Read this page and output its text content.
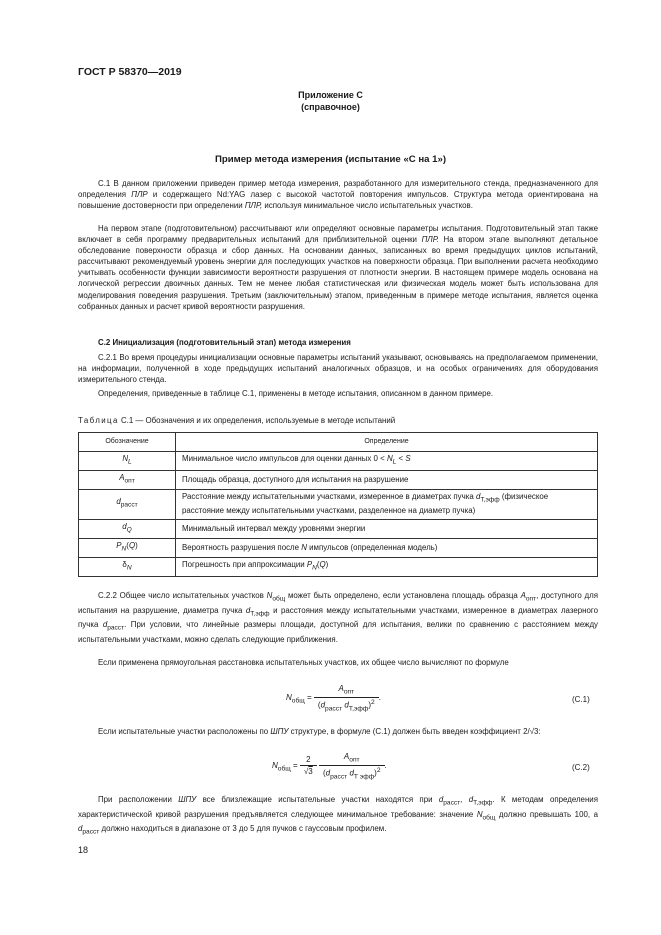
ГОСТ Р 58370—2019
Приложение С
(справочное)
Пример метода измерения (испытание «С на 1»)

С.1 В данном приложении приведен пример метода измерения, разработанного для измерительного стенда, предназначенного для определения ПЛР и содержащего Nd:YAG лазер с высокой частотой повторения импульсов. Структура метода ориентирована на повышение достоверности при определении ПЛР, используя минимальное число испытательных участков.

На первом этапе (подготовительном) рассчитывают или определяют основные параметры испытания. Подготовительный этап также включает в себя программу предварительных испытаний для приблизительной оценки ПЛР. На втором этапе выполняют детальное обследование поверхности образца и сбор данных. На основании данных, записанных во время предыдущих циклов испытаний, рассчитывают рекомендуемый уровень энергии для последующих участков на поверхности образца. При выполнении расчета необходимо учитывать особенности функции зависимости вероятности разрушения от плотности энергии. В настоящем примере модель основана на логической регрессии двоичных данных. Тем не менее любая статистическая или физическая модель может быть использована для моделирования поведения разрушения. Третьим (заключительным) этапом, приведенным в примере методе испытания, является оценка собранных данных и расчет кривой вероятности разрушения.

С.2 Инициализация (подготовительный этап) метода измерения

С.2.1 Во время процедуры инициализации основные параметры испытаний указывают, основываясь на предполагаемом применении, на информации, полученной в ходе предыдущих испытаний аналогичных образцов, и на особых ограничениях для оборудования измерительного стенда.

Определения, приведенные в таблице С.1, применены в методе испытания, описанном в данном примере.

Таблица С.1 — Обозначения и их определения, используемые в методе испытаний
Обозначение	Определение
$N_L$	Минимальное число импульсов для оценки данных $0 < N_L < S$
$A_{опт}$	Площадь образца, доступного для испытания на разрушение
$d_{расст}$	Расстояние между испытательными участками, измеренное в диаметрах пучка $d_{Т,эфф}$ (физическое расстояние между испытательными участками, разделенное на диаметр пучка)
$d_Q$	Минимальный интервал между уровнями энергии
$P_N(Q)$	Вероятность разрушения после N импульсов (определенная модель)
$\delta_N$	Погрешность при аппроксимации $P_N(Q)$

С.2.2 Общее число испытательных участков $N_{общ}$ может быть определено, если установлена площадь образца $A_{опт}$, доступного для испытания на разрушение, диаметра пучка $d_{Т,эфф}$ и расстояния между испытательными участками, измеренное в диаметрах лазерного пучка $d_{расст}$. При условии, что линейные размеры площади, доступной для испытания, велики по сравнению с расстоянием между испытательными участками, можно сделать следующие приближения.

Если применена прямоугольная расстановка испытательных участков, их общее число вычисляют по формуле

$N_{общ} = \frac{A_{опт}}{(d_{расст} d_{Т,эфф})^2}$ .	(С.1)

Если испытательные участки расположены по ШПУ структуре, в формуле (С.1) должен быть введен коэффициент 2/√3:

$N_{общ} = \frac{2}{√3}$
$\frac{A_{опт}}{(d_{расст} d_{Т эфф})^2}$ .	(С.2)

При расположении ШПУ все близлежащие испытательные участки находятся при $d_{расст}$, $d_{Т,эфф}$. К методам определения характеристической кривой разрушения предъявляется следующее минимальное требование: значение $N_{общ}$ должно превышать 100, а $d_{расст}$ должно находиться в диапазоне от 3 до 5 для пучков с гауссовым профилем.

18
